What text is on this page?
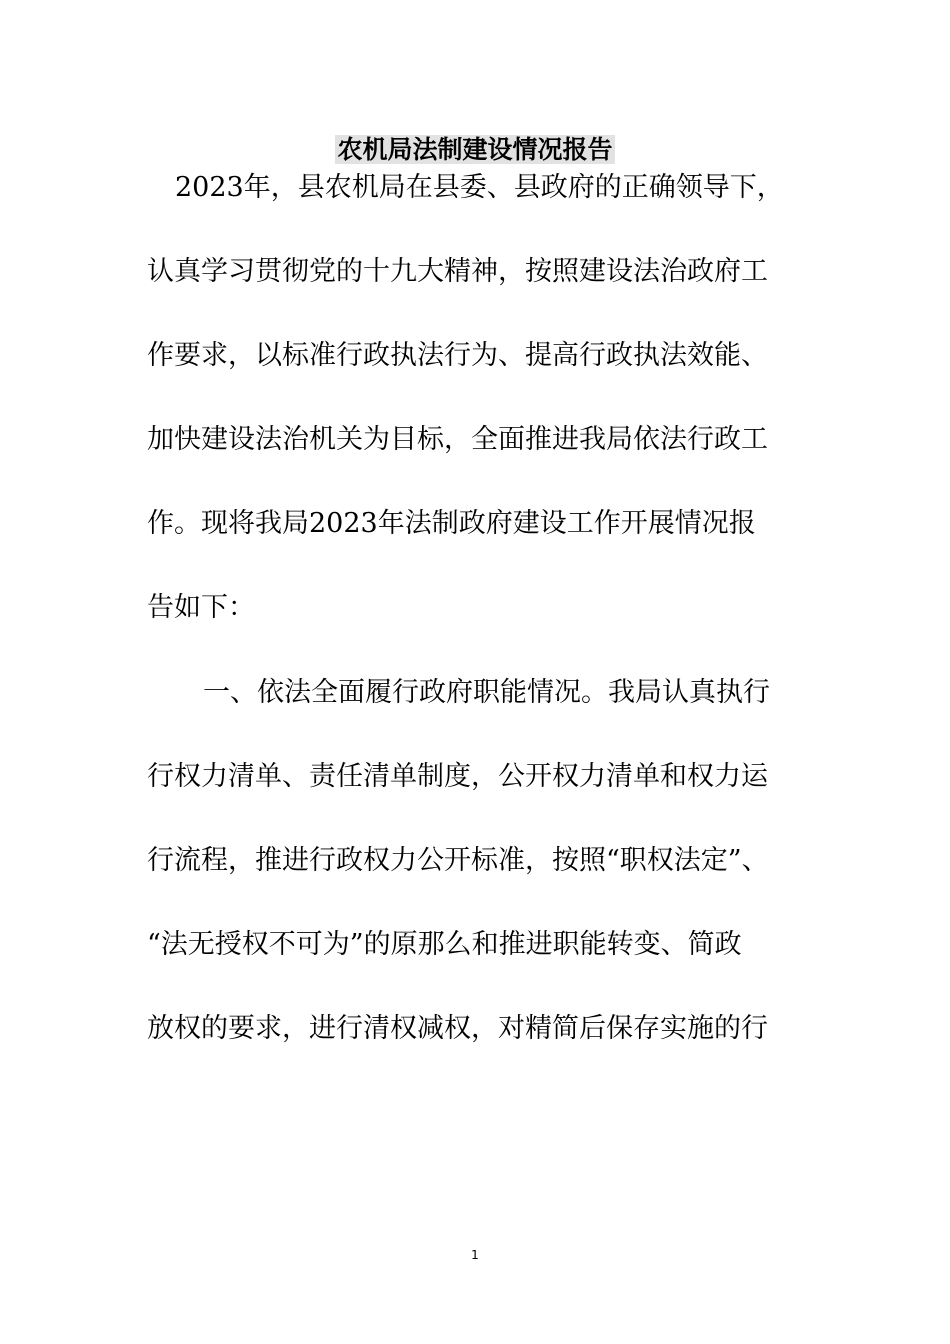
农机局法制建设情况报告

2023年，县农机局在县委、县政府的正确领导下，

认真学习贯彻党的十九大精神，按照建设法治政府工

作要求，以标准行政执法行为、提高行政执法效能、

加快建设法治机关为目标，全面推进我局依法行政工

作。现将我局2023年法制政府建设工作开展情况报

告如下：

一、依法全面履行政府职能情况。我局认真执行

行权力清单、责任清单制度，公开权力清单和权力运

行流程，推进行政权力公开标准，按照“职权法定”、

“法无授权不可为”的原那么和推进职能转变、简政

放权的要求，进行清权减权，对精简后保存实施的行

1
